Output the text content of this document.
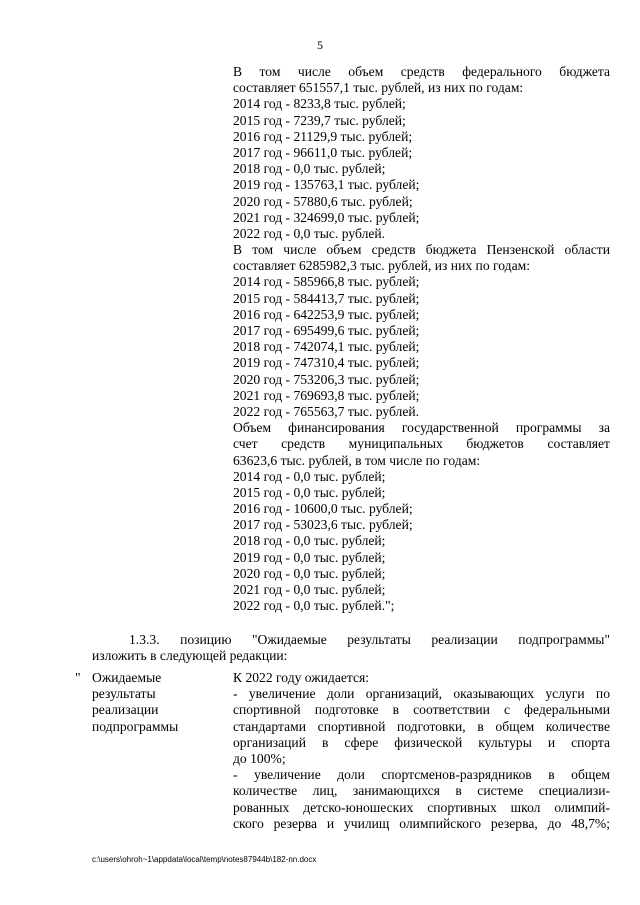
5
В том числе объем средств федерального бюджета
составляет 651557,1 тыс. рублей, из них по годам:
2014 год - 8233,8 тыс. рублей;
2015 год - 7239,7 тыс. рублей;
2016 год - 21129,9 тыс. рублей;
2017 год - 96611,0 тыс. рублей;
2018 год - 0,0 тыс. рублей;
2019 год - 135763,1 тыс. рублей;
2020 год - 57880,6 тыс. рублей;
2021 год - 324699,0 тыс. рублей;
2022 год - 0,0 тыс. рублей.
В том числе объем средств бюджета Пензенской области
составляет 6285982,3 тыс. рублей, из них по годам:
2014 год - 585966,8 тыс. рублей;
2015 год - 584413,7 тыс. рублей;
2016 год - 642253,9 тыс. рублей;
2017 год - 695499,6 тыс. рублей;
2018 год - 742074,1 тыс. рублей;
2019 год - 747310,4 тыс. рублей;
2020 год - 753206,3 тыс. рублей;
2021 год - 769693,8 тыс. рублей;
2022 год - 765563,7 тыс. рублей.
Объем финансирования государственной программы за
счет средств муниципальных бюджетов составляет
63623,6 тыс. рублей, в том числе по годам:
2014 год - 0,0 тыс. рублей;
2015 год - 0,0 тыс. рублей;
2016 год - 10600,0 тыс. рублей;
2017 год - 53023,6 тыс. рублей;
2018 год - 0,0 тыс. рублей;
2019 год - 0,0 тыс. рублей;
2020 год - 0,0 тыс. рублей;
2021 год - 0,0 тыс. рублей;
2022 год - 0,0 тыс. рублей.";
1.3.3. позицию "Ожидаемые результаты реализации подпрограммы"
изложить в следующей редакции:
" Ожидаемые
результаты
реализации
подпрограммы
К 2022 году ожидается:
- увеличение доли организаций, оказывающих услуги по
спортивной подготовке в соответствии с федеральными
стандартами спортивной подготовки, в общем количестве
организаций в сфере физической культуры и спорта
до 100%;
- увеличение доли спортсменов-разрядников в общем
количестве лиц, занимающихся в системе специализи-
рованных детско-юношеских спортивных школ олимпий-
ского резерва и училищ олимпийского резерва, до 48,7%;
c:\users\ohroh~1\appdata\local\temp\notes87944b\182-nn.docx
